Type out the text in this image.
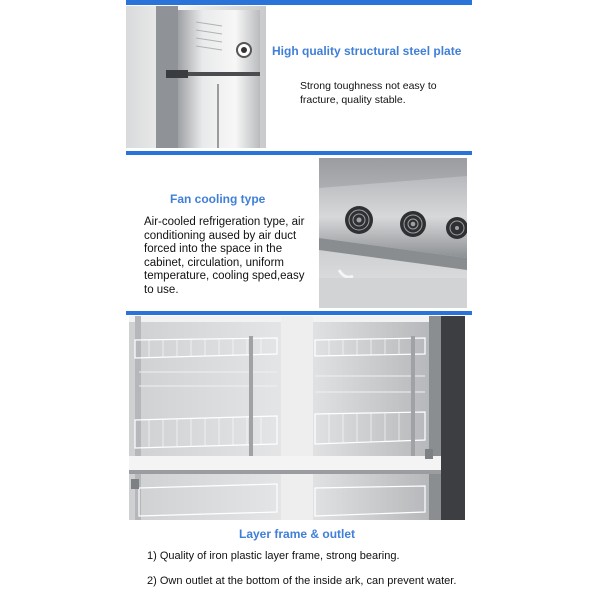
High quality structural steel plate
Strong toughness not easy to fracture, quality stable.
Fan cooling type
Air-cooled refrigeration type, air conditioning aused by air duct forced into the space in the cabinet, circulation, uniform temperature, cooling sped,easy to use.
Layer frame & outlet
1) Quality of iron plastic layer frame, strong bearing.
2) Own outlet at the bottom of the inside ark, can prevent water.
